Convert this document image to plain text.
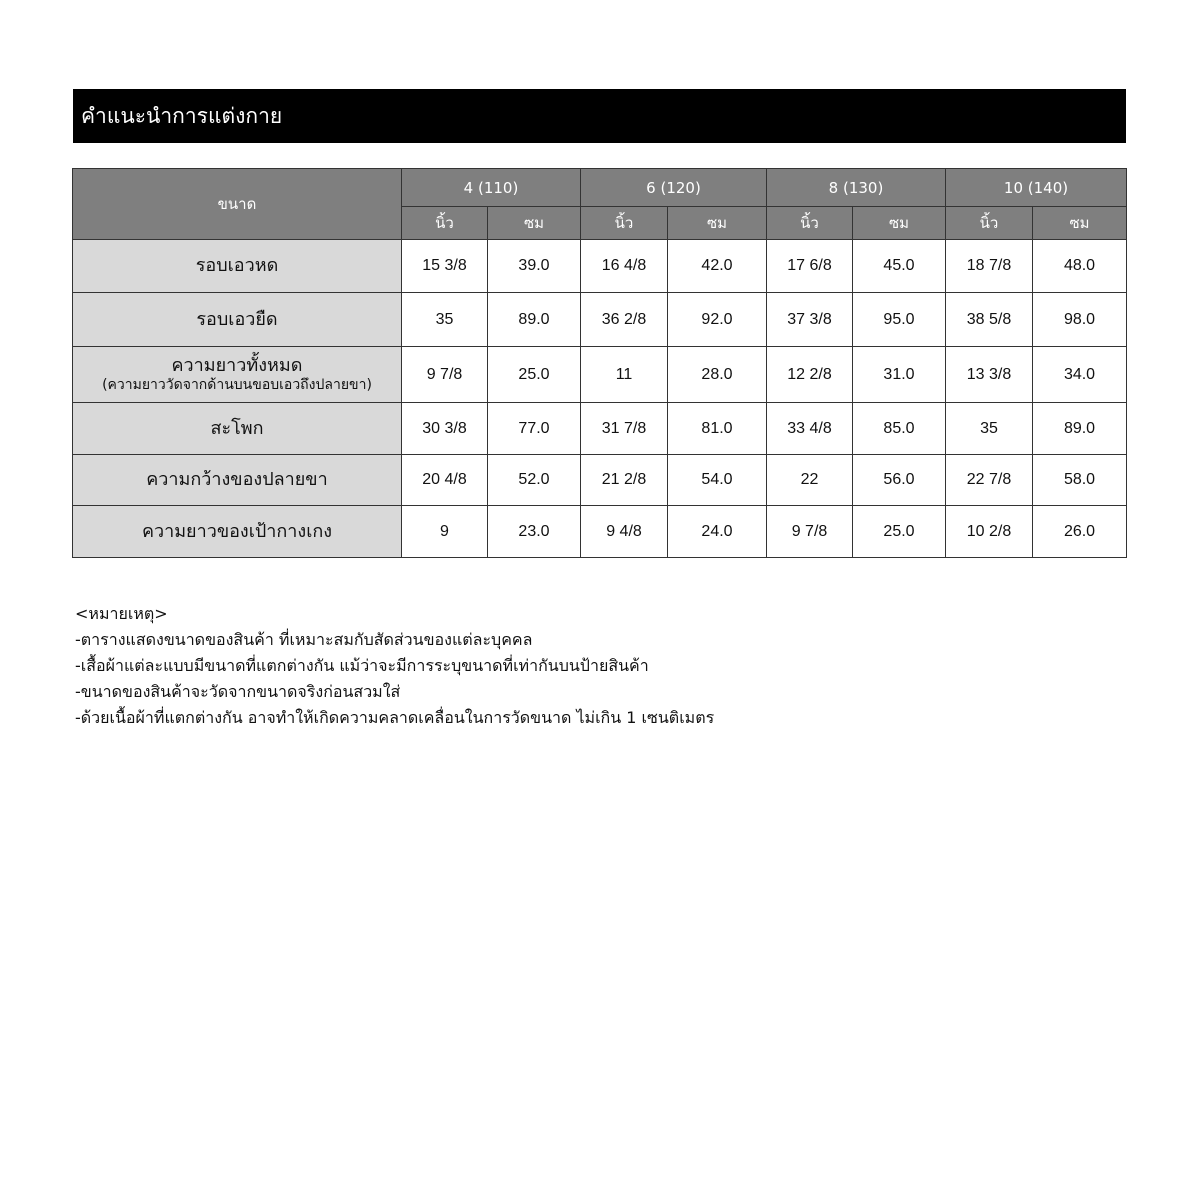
คำแนะนำการแต่งกาย
ขนาด	4 (110)		6 (120)		8 (130)		10 (140)	
	นิ้ว	ซม	นิ้ว	ซม	นิ้ว	ซม	นิ้ว	ซม

รอบเอวหด	15 3/8	39.0	16 4/8	42.0	17 6/8	45.0	18 7/8	48.0

รอบเอวยืด	35	89.0	36 2/8	92.0	37 3/8	95.0	38 5/8	98.0

ความยาวทั้งหมด
(ความยาววัดจากด้านบนขอบเอวถึงปลายขา)	9 7/8	25.0	11	28.0	12 2/8	31.0	13 3/8	34.0

สะโพก	30 3/8	77.0	31 7/8	81.0	33 4/8	85.0	35	89.0

ความกว้างของปลายขา	20 4/8	52.0	21 2/8	54.0	22	56.0	22 7/8	58.0

ความยาวของเป้ากางเกง	9	23.0	9 4/8	24.0	9 7/8	25.0	10 2/8	26.0
<หมายเหตุ>
-ตารางแสดงขนาดของสินค้า ที่เหมาะสมกับสัดส่วนของแต่ละบุคคล
-เสื้อผ้าแต่ละแบบมีขนาดที่แตกต่างกัน แม้ว่าจะมีการระบุขนาดที่เท่ากันบนป้ายสินค้า
-ขนาดของสินค้าจะวัดจากขนาดจริงก่อนสวมใส่
-ด้วยเนื้อผ้าที่แตกต่างกัน อาจทำให้เกิดความคลาดเคลื่อนในการวัดขนาด ไม่เกิน 1 เซนติเมตร
